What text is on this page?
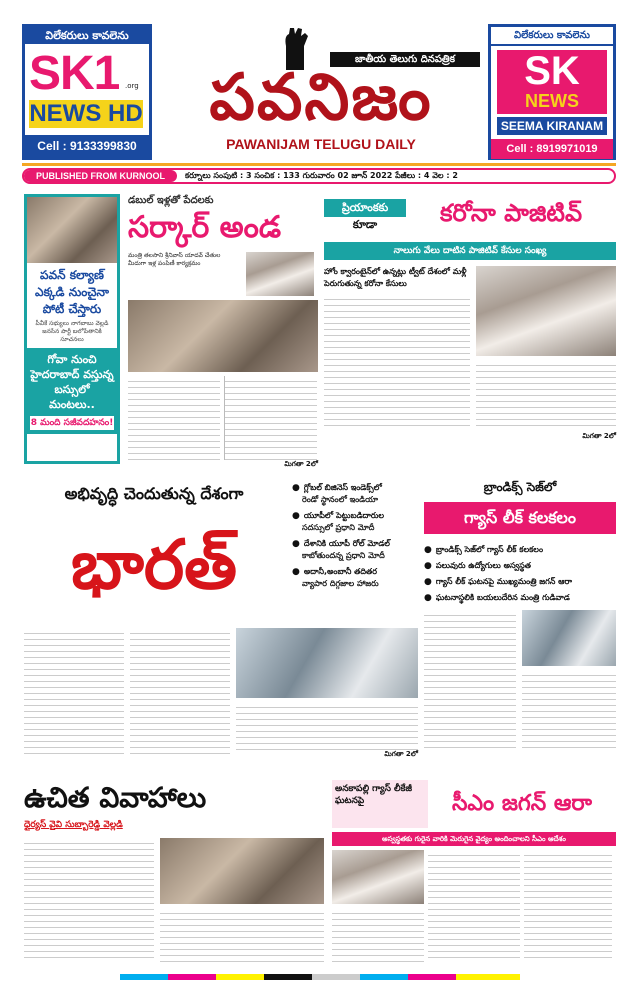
విలేకరులు కావలెను
SK1 .org
NEWS HD
Cell : 9133399830
జాతీయ తెలుగు దినపత్రిక
పవనిజం
PAWANIJAM TELUGU DAILY
విలేకరులు కావలెను
SK
NEWS
SEEMA KIRANAM
Cell : 8919971019
PUBLISHED FROM KURNOOL	కర్నూలు సంపుటి : 3 సంచిక : 133 గురువారం 02 జూన్ 2022 పేజీలు : 4 వెల : 2
పవన్ కల్యాణ్ ఎక్కడి నుంచైనా పోటీ చేస్తారు
పీవీకే సభ్యులు నాగబాబు వెల్లడి జనసేన పార్టీ బలోపేతానికి సూచనలు
గోవా నుంచి హైదరాబాద్ వస్తున్న బస్సులో మంటలు..
8 మంది సజీవదహనం!
డబుల్ ఇళ్లతో పేదలకు
సర్కార్ అండ
మంత్రి తలసాని శ్రీనివాస్ యాదవ్ చేతుల మీదుగా ఇళ్ల పంపిణీ కార్యక్రమం
మిగతా 2లో
ప్రియాంకకు
కూడా	కరోనా పాజిటివ్
నాలుగు వేలు దాటిన పాజిటివ్ కేసుల సంఖ్య
హోం క్వారంటైన్‌లో ఉన్నట్లు ట్వీట్ దేశంలో మళ్లీ పెరుగుతున్న కరోనా కేసులు
మిగతా 2లో
అభివృద్ధి చెందుతున్న దేశంగా
భారత్
● గ్లోబల్ బిజినెస్ ఇండెక్స్‌లో
రెండో స్థానంలో ఇండియా
● యూపీలో పెట్టుబడిదారుల
సదస్సులో ప్రధాని మోదీ
● దేశానికి యూపీ రోల్ మోడల్
కాబోతుందన్న ప్రధాని మోదీ
● అదానీ,అంబానీ తదితర
వ్యాపార దిగ్గజాల హాజరు
మిగతా 2లో
బ్రాండిక్స్ సెజ్‌లో
గ్యాస్ లీక్ కలకలం
● బ్రాండిక్స్ సెజ్‌లో గ్యాస్ లీక్ కలకలం
● పలువురు ఉద్యోగులు అస్వస్థత
● గ్యాస్ లీక్ ఘటనపై ముఖ్యమంత్రి జగన్ ఆరా
● ఘటనాస్థలికి బయలుదేరిన మంత్రి గుడివాడ
ఉచిత వివాహాలు
ధైర్యస్ వైవి సుబ్బారెడ్డి వెల్లడి
అనకాపల్లి గ్యాస్ లీకేజీ ఘటనపై	సీఎం జగన్ ఆరా
అస్వస్థతకు గురైన వారికి మెరుగైన వైద్యం అందించాలని సీఎం ఆదేశం
